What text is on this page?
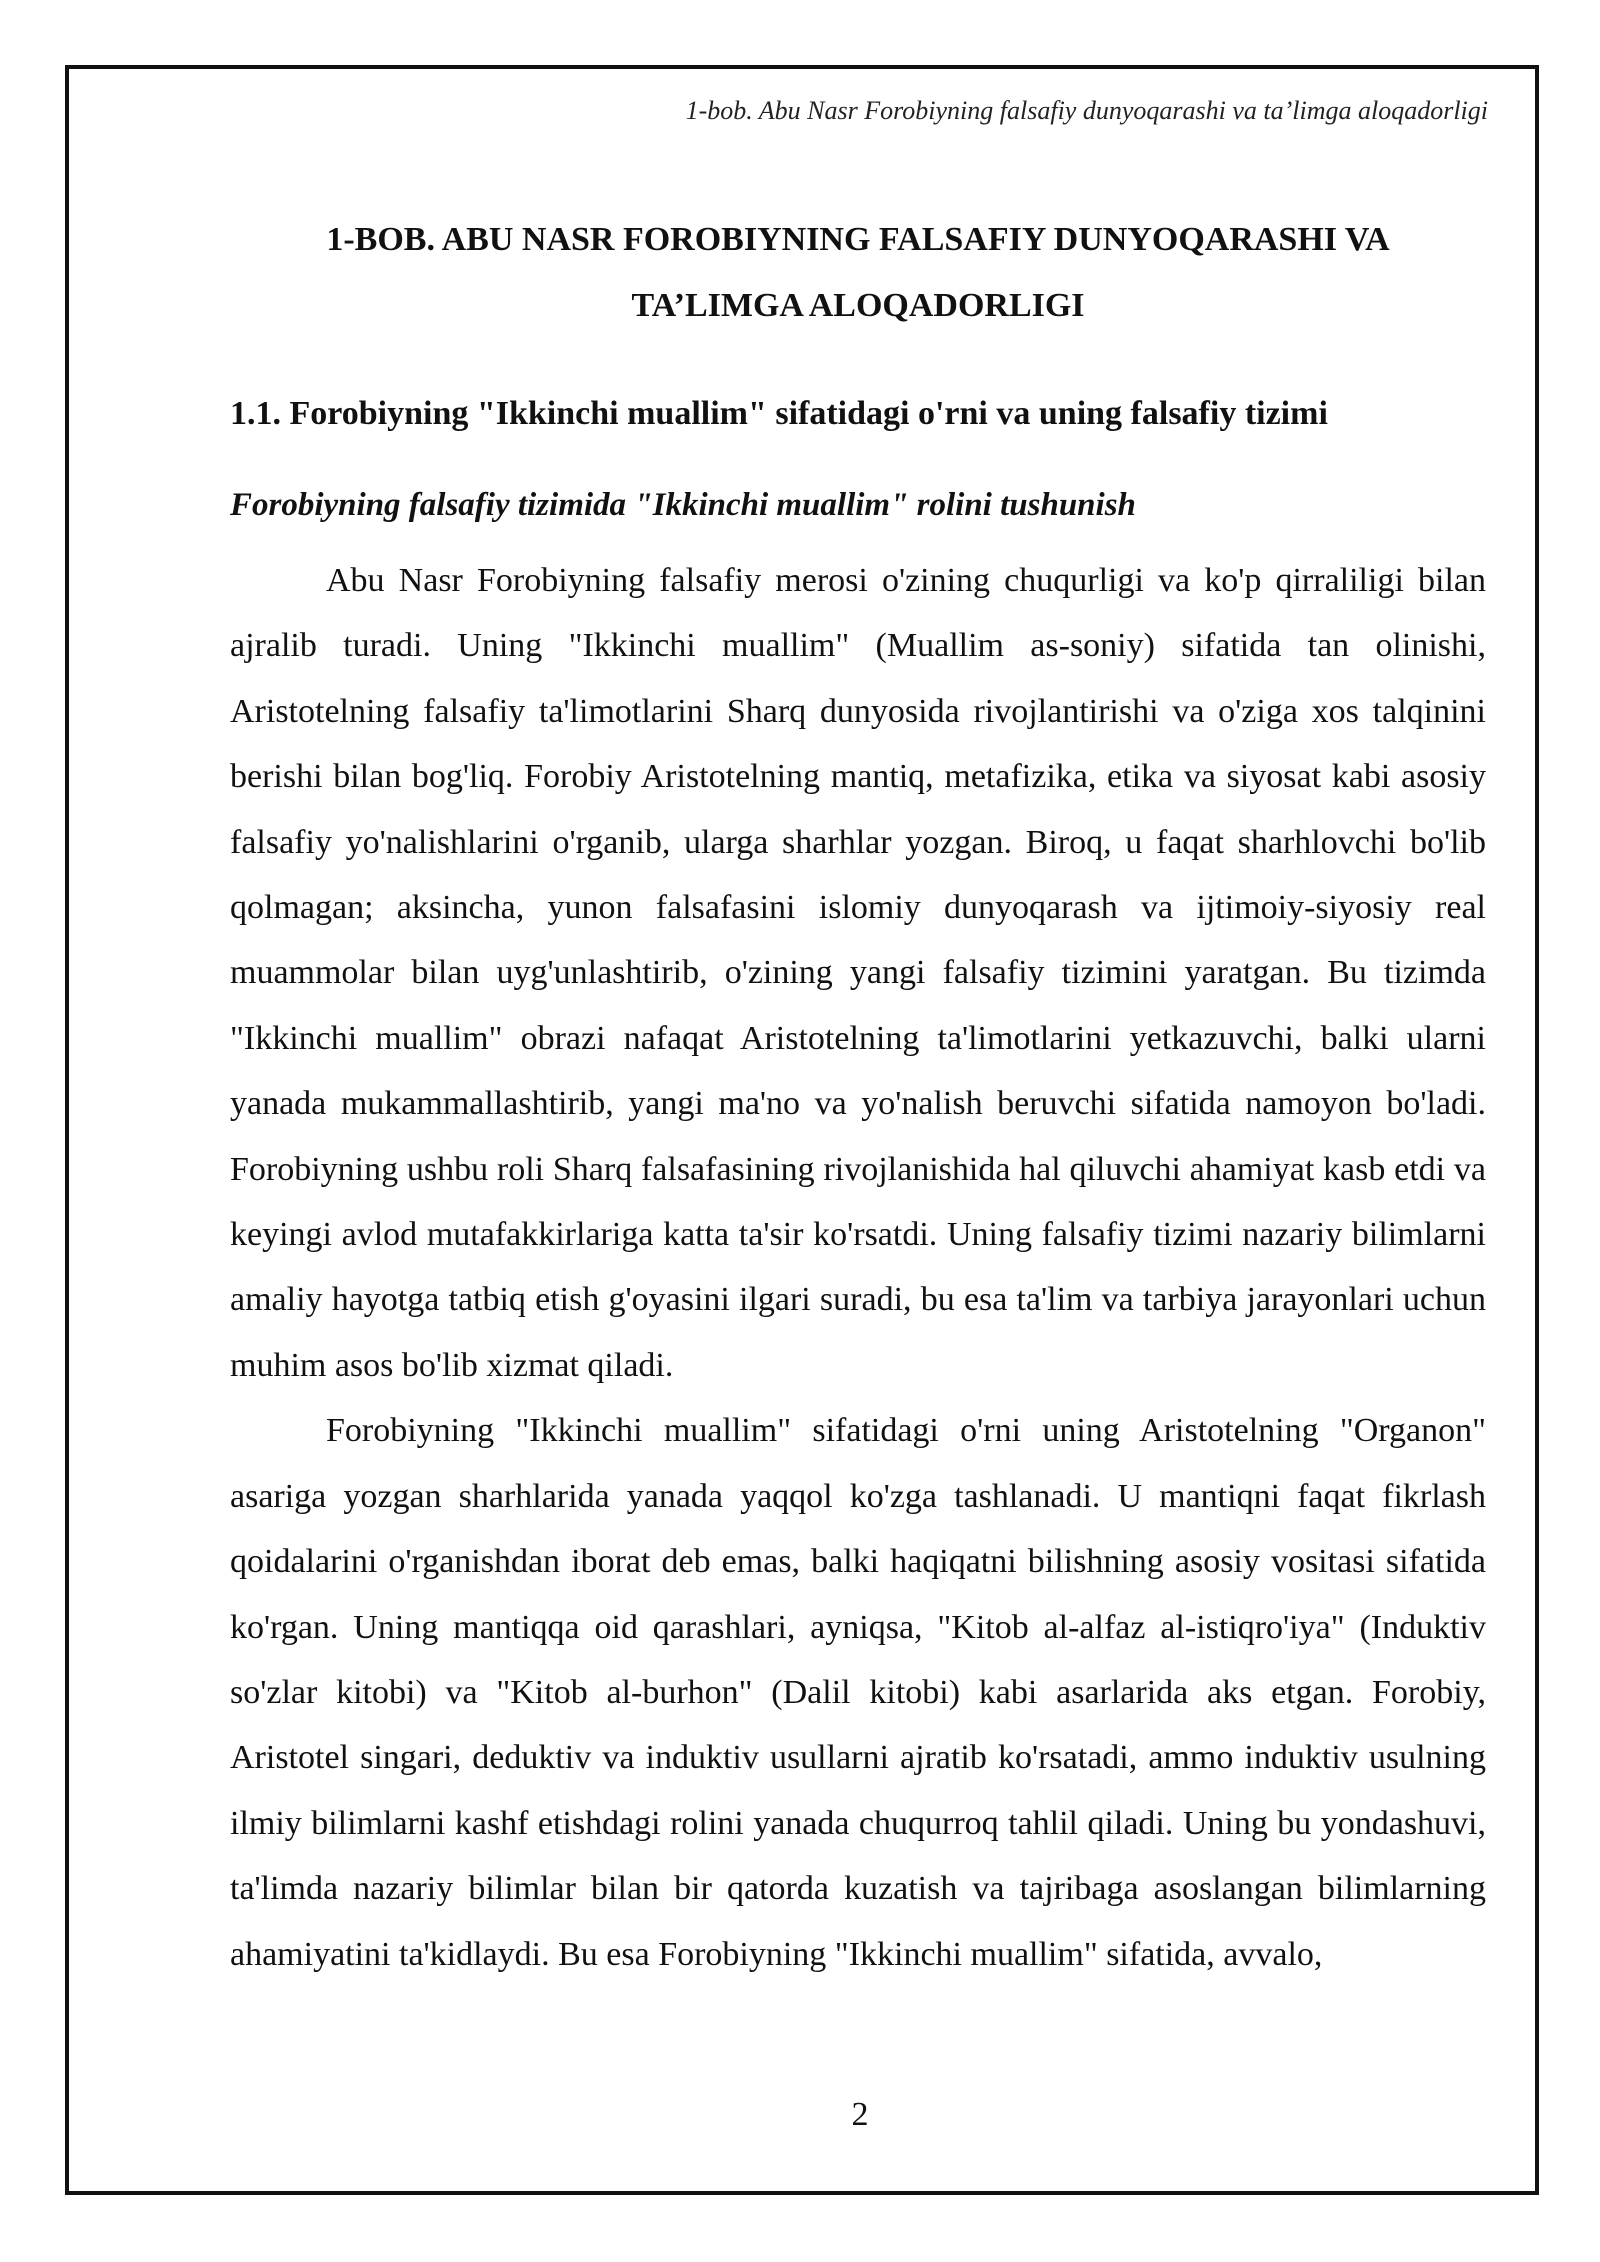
1-bob. Abu Nasr Forobiyning falsafiy dunyoqarashi va ta’limga aloqadorligi
1-BOB. ABU NASR FOROBIYNING FALSAFIY DUNYOQARASHI VA
TA’LIMGA ALOQADORLIGI
1.1. Forobiyning "Ikkinchi muallim" sifatidagi o'rni va uning falsafiy tizimi
Forobiyning falsafiy tizimida "Ikkinchi muallim" rolini tushunish

Abu Nasr Forobiyning falsafiy merosi o'zining chuqurligi va ko'p qirraliligi bilan ajralib turadi. Uning "Ikkinchi muallim" (Muallim as-soniy) sifatida tan olinishi, Aristotelning falsafiy ta'limotlarini Sharq dunyosida rivojlantirishi va o'ziga xos talqinini berishi bilan bog'liq. Forobiy Aristotelning mantiq, metafizika, etika va siyosat kabi asosiy falsafiy yo'nalishlarini o'rganib, ularga sharhlar yozgan. Biroq, u faqat sharhlovchi bo'lib qolmagan; aksincha, yunon falsafasini islomiy dunyoqarash va ijtimoiy-siyosiy real muammolar bilan uyg'unlashtirib, o'zining yangi falsafiy tizimini yaratgan. Bu tizimda "Ikkinchi muallim" obrazi nafaqat Aristotelning ta'limotlarini yetkazuvchi, balki ularni yanada mukammallashtirib, yangi ma'no va yo'nalish beruvchi sifatida namoyon bo'ladi. Forobiyning ushbu roli Sharq falsafasining rivojlanishida hal qiluvchi ahamiyat kasb etdi va keyingi avlod mutafakkirlariga katta ta'sir ko'rsatdi. Uning falsafiy tizimi nazariy bilimlarni amaliy hayotga tatbiq etish g'oyasini ilgari suradi, bu esa ta'lim va tarbiya jarayonlari uchun muhim asos bo'lib xizmat qiladi.

Forobiyning "Ikkinchi muallim" sifatidagi o'rni uning Aristotelning "Organon" asariga yozgan sharhlarida yanada yaqqol ko'zga tashlanadi. U mantiqni faqat fikrlash qoidalarini o'rganishdan iborat deb emas, balki haqiqatni bilishning asosiy vositasi sifatida ko'rgan. Uning mantiqqa oid qarashlari, ayniqsa, "Kitob al-alfaz al-istiqro'iya" (Induktiv so'zlar kitobi) va "Kitob al-burhon" (Dalil kitobi) kabi asarlarida aks etgan. Forobiy, Aristotel singari, deduktiv va induktiv usullarni ajratib ko'rsatadi, ammo induktiv usulning ilmiy bilimlarni kashf etishdagi rolini yanada chuqurroq tahlil qiladi. Uning bu yondashuvi, ta'limda nazariy bilimlar bilan bir qatorda kuzatish va tajribaga asoslangan bilimlarning ahamiyatini ta'kidlaydi. Bu esa Forobiyning "Ikkinchi muallim" sifatida, avvalo,

2
